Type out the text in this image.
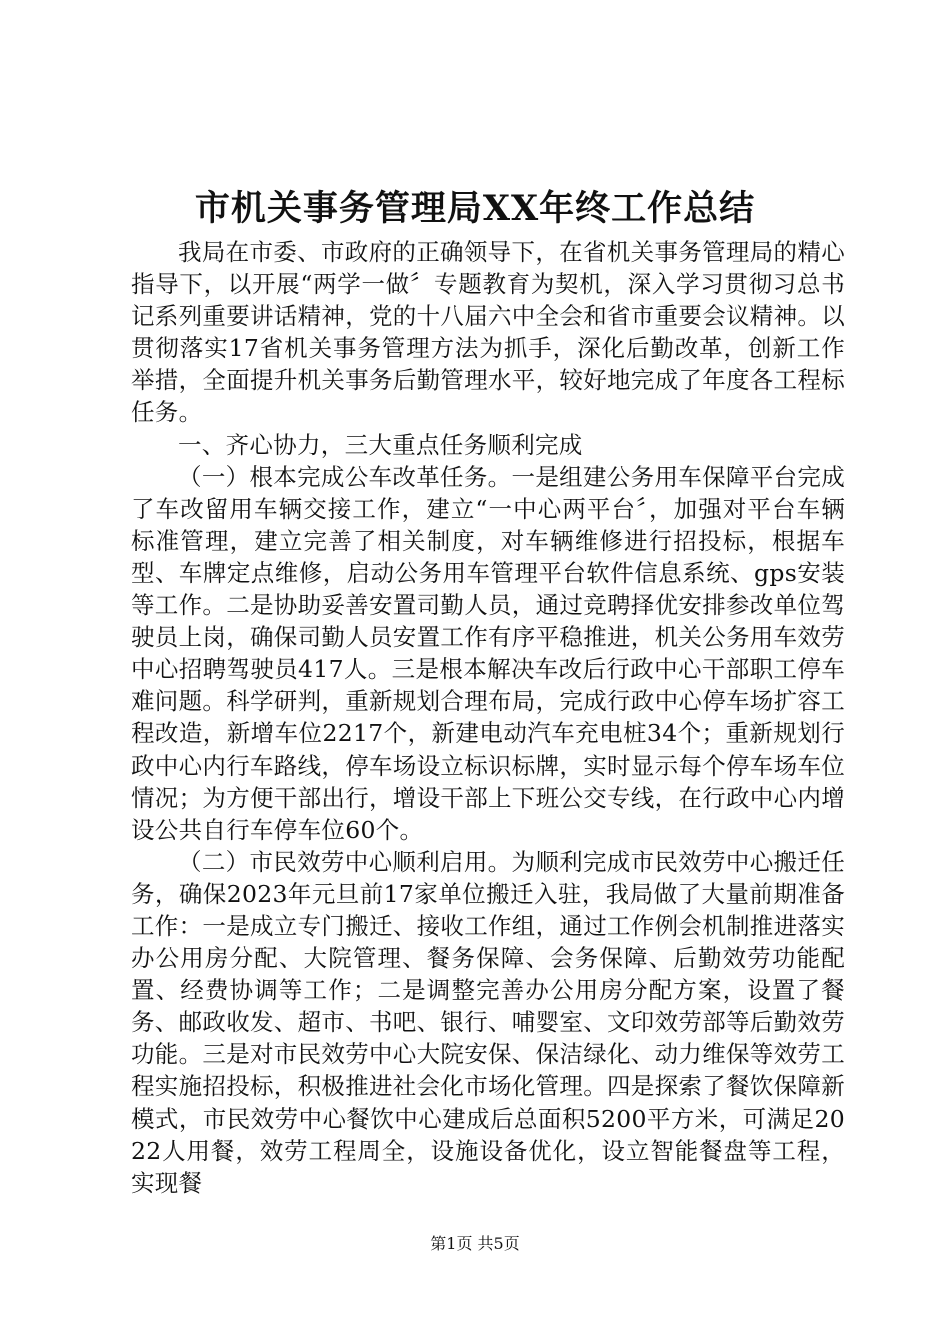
市机关事务管理局XX年终工作总结

我局在市委、市政府的正确领导下，在省机关事务管理局的精心指导下，以开展“两学一做〞专题教育为契机，深入学习贯彻习总书记系列重要讲话精神，党的十八届六中全会和省市重要会议精神。以贯彻落实17省机关事务管理方法为抓手，深化后勤改革，创新工作举措，全面提升机关事务后勤管理水平，较好地完成了年度各工程标任务。

一、齐心协力，三大重点任务顺利完成

（一）根本完成公车改革任务。一是组建公务用车保障平台完成了车改留用车辆交接工作，建立“一中心两平台〞，加强对平台车辆标准管理，建立完善了相关制度，对车辆维修进行招投标，根据车型、车牌定点维修，启动公务用车管理平台软件信息系统、gps安装等工作。二是协助妥善安置司勤人员，通过竞聘择优安排参改单位驾驶员上岗，确保司勤人员安置工作有序平稳推进，机关公务用车效劳中心招聘驾驶员417人。三是根本解决车改后行政中心干部职工停车难问题。科学研判，重新规划合理布局，完成行政中心停车场扩容工程改造，新增车位2217个，新建电动汽车充电桩34个；重新规划行政中心内行车路线，停车场设立标识标牌，实时显示每个停车场车位情况；为方便干部出行，增设干部上下班公交专线，在行政中心内增设公共自行车停车位60个。

（二）市民效劳中心顺利启用。为顺利完成市民效劳中心搬迁任务，确保2023年元旦前17家单位搬迁入驻，我局做了大量前期准备工作：一是成立专门搬迁、接收工作组，通过工作例会机制推进落实办公用房分配、大院管理、餐务保障、会务保障、后勤效劳功能配置、经费协调等工作；二是调整完善办公用房分配方案，设置了餐务、邮政收发、超市、书吧、银行、哺婴室、文印效劳部等后勤效劳功能。三是对市民效劳中心大院安保、保洁绿化、动力维保等效劳工程实施招投标，积极推进社会化市场化管理。四是探索了餐饮保障新模式，市民效劳中心餐饮中心建成后总面积5200平方米，可满足2022人用餐，效劳工程周全，设施设备优化，设立智能餐盘等工程，实现餐

第1页 共5页
